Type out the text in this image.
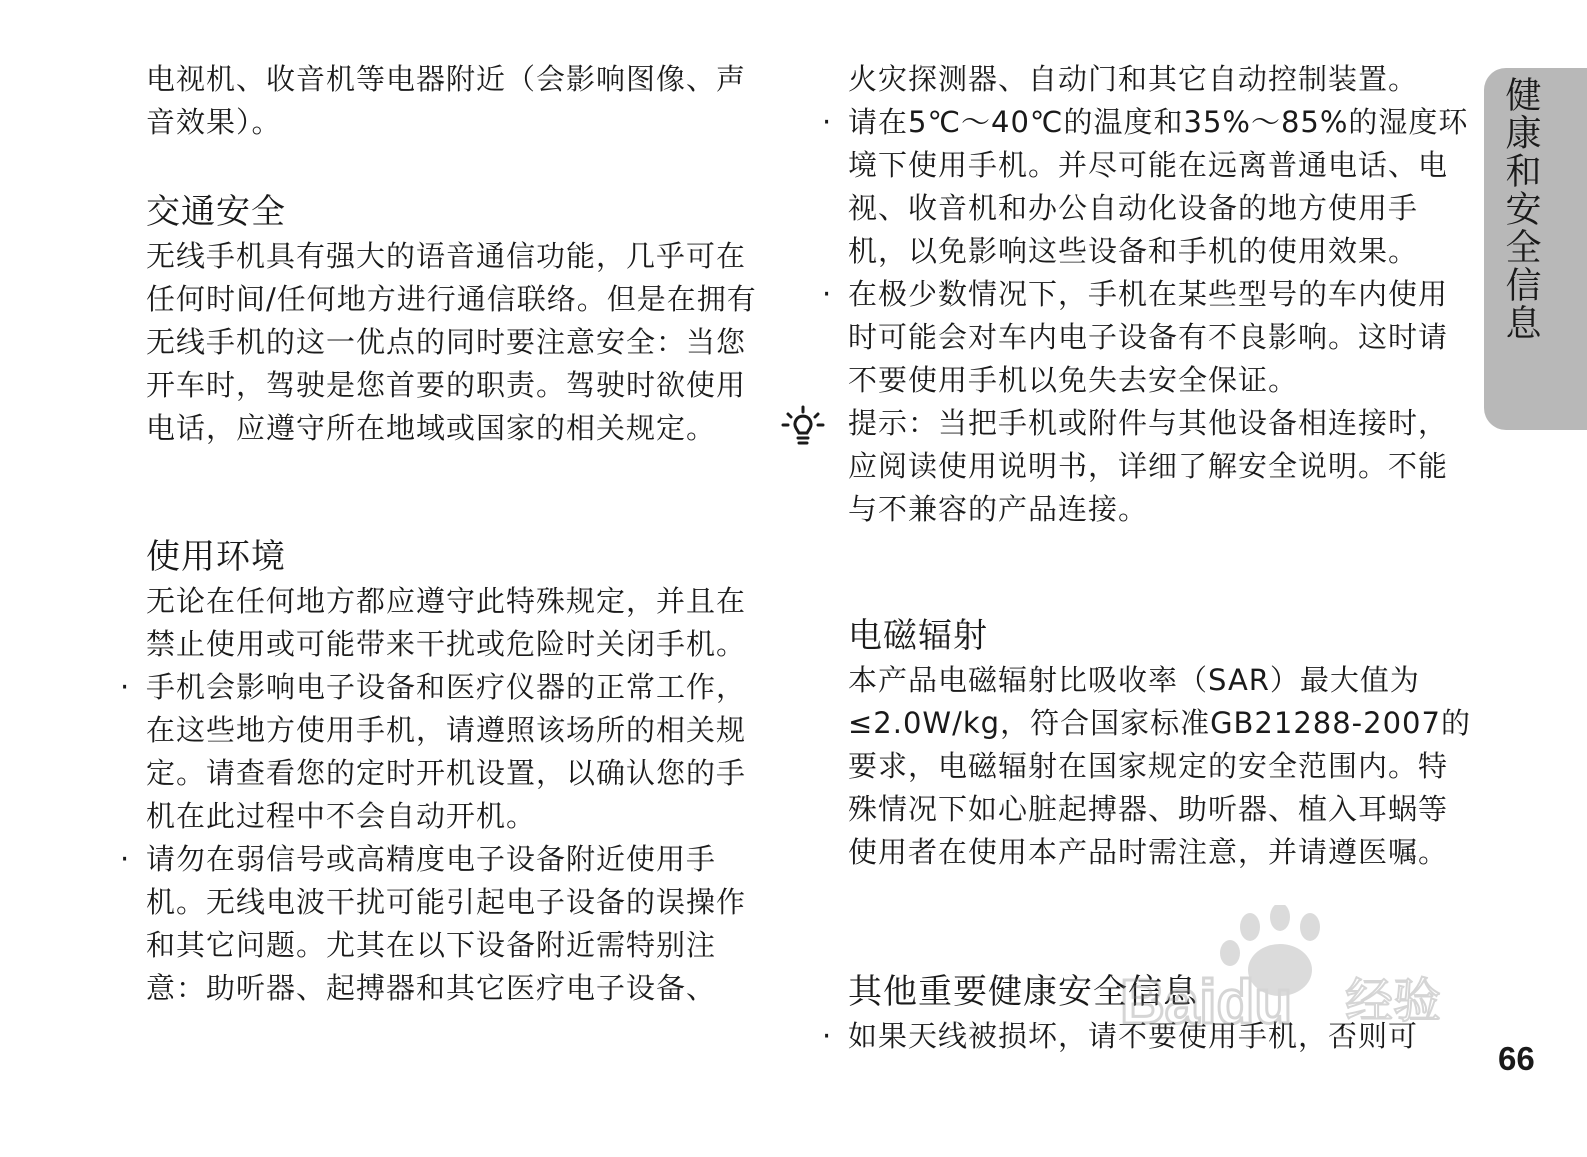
健康和安全信息

电视机、收音机等电器附近（会影响图像、声音效果）。

交通安全

无线手机具有强大的语音通信功能，几乎可在任何时间/任何地方进行通信联络。但是在拥有无线手机的这一优点的同时要注意安全：当您开车时，驾驶是您首要的职责。驾驶时欲使用电话，应遵守所在地域或国家的相关规定。

使用环境

无论在任何地方都应遵守此特殊规定，并且在禁止使用或可能带来干扰或危险时关闭手机。

· 手机会影响电子设备和医疗仪器的正常工作，在这些地方使用手机，请遵照该场所的相关规定。请查看您的定时开机设置，以确认您的手机在此过程中不会自动开机。

· 请勿在弱信号或高精度电子设备附近使用手机。无线电波干扰可能引起电子设备的误操作和其它问题。尤其在以下设备附近需特别注意：助听器、起搏器和其它医疗电子设备、

火灾探测器、自动门和其它自动控制装置。

· 请在5℃～40℃的温度和35%～85%的湿度环境下使用手机。并尽可能在远离普通电话、电视、收音机和办公自动化设备的地方使用手机，以免影响这些设备和手机的使用效果。

· 在极少数情况下，手机在某些型号的车内使用时可能会对车内电子设备有不良影响。这时请不要使用手机以免失去安全保证。

提示：当把手机或附件与其他设备相连接时，应阅读使用说明书，详细了解安全说明。不能与不兼容的产品连接。

电磁辐射

本产品电磁辐射比吸收率（SAR）最大值为≤2.0W/kg，符合国家标准GB21288-2007的要求，电磁辐射在国家规定的安全范围内。特殊情况下如心脏起搏器、助听器、植入耳蜗等使用者在使用本产品时需注意，并请遵医嘱。

其他重要健康安全信息

· 如果天线被损坏，请不要使用手机，否则可

Baidu 经验
66
